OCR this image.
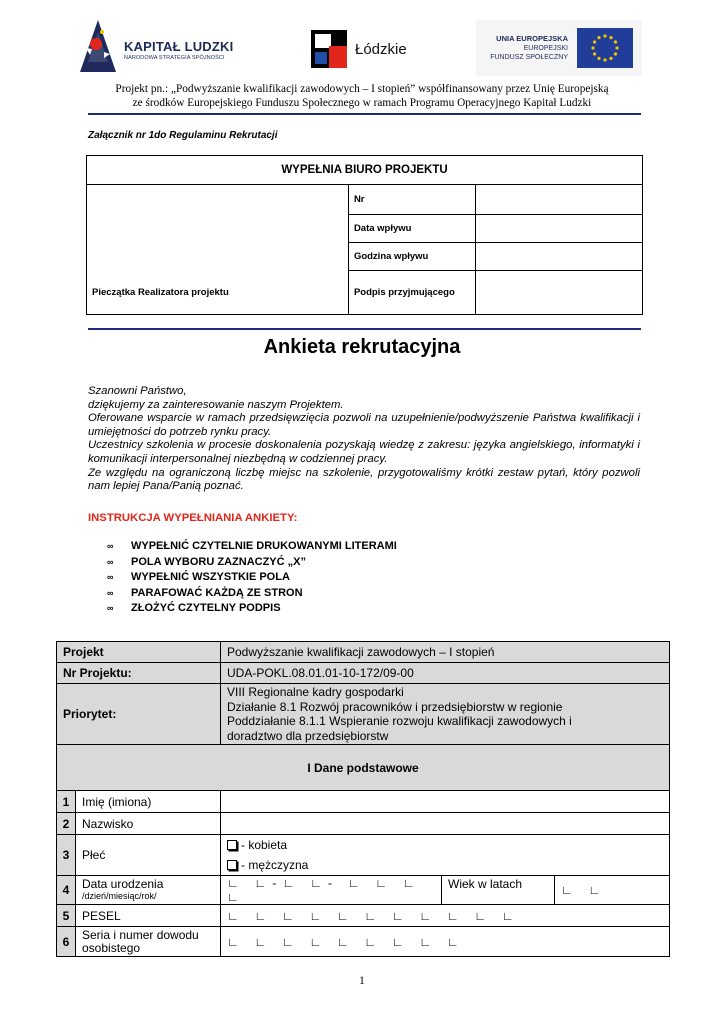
KAPITAŁ LUDZKI
NARODOWA STRATEGIA SPÓJNOŚCI	Łódzkie
UNIA EUROPEJSKA
EUROPEJSKI
FUNDUSZ SPOŁECZNY
Projekt pn.: „Podwyższanie kwalifikacji zawodowych – I stopień” współfinansowany przez Unię Europejską
ze środków Europejskiego Funduszu Społecznego w ramach Programu Operacyjnego Kapitał Ludzki
Załącznik nr 1do Regulaminu Rekrutacji
WYPEŁNIA BIURO PROJEKTU		
	Nr	
	Data wpływu	
	Godzina wpływu	
Pieczątka Realizatora projektu	Podpis przyjmującego	
Ankieta rekrutacyjna
Szanowni Państwo,
dziękujemy za zainteresowanie naszym Projektem.
Oferowane wsparcie w ramach przedsięwzięcia pozwoli na uzupełnienie/podwyższenie Państwa kwalifikacji i umiejętności do potrzeb rynku pracy.
Uczestnicy szkolenia w procesie doskonalenia pozyskają wiedzę z zakresu: języka angielskiego, informatyki i komunikacji interpersonalnej niezbędną w codziennej pracy.
Ze względu na ograniczoną liczbę miejsc na szkolenie, przygotowaliśmy krótki zestaw pytań, który pozwoli nam lepiej Pana/Panią poznać.
INSTRUKCJA WYPEŁNIANIA ANKIETY:
∞ WYPEŁNIĆ CZYTELNIE DRUKOWANYMI LITERAMI
∞ POLA WYBORU ZAZNACZYĆ „X”
∞ WYPEŁNIĆ WSZYSTKIE POLA
∞ PARAFOWAĆ KAŻDĄ ZE STRON
∞ ZŁOŻYĆ CZYTELNY PODPIS
Projekt		Podwyższanie kwalifikacji zawodowych – I stopień		
Nr Projektu:		UDA-POKL.08.01.01-10-172/09-00		
Priorytet:		VIII Regionalne kadry gospodarki
Działanie 8.1 Rozwój pracowników i przedsiębiorstw w regionie
Poddziałanie 8.1.1 Wspieranie rozwoju kwalifikacji zawodowych i
doradztwo dla przedsiębiorstw		

I Dane podstawowe				
1	Imię (imiona)			
2	Nazwisko			
3	Płeć	- kobieta
- mężczyzna		

4	Data urodzenia
/dzień/miesiąc/rok/	∟ ∟-∟ ∟- ∟ ∟ ∟ ∟	Wiek w latach	∟ ∟
5	PESEL	∟ ∟ ∟ ∟ ∟ ∟ ∟ ∟ ∟ ∟ ∟		
6	Seria i numer dowodu
osobistego	∟ ∟ ∟ ∟ ∟ ∟ ∟ ∟ ∟		
1
